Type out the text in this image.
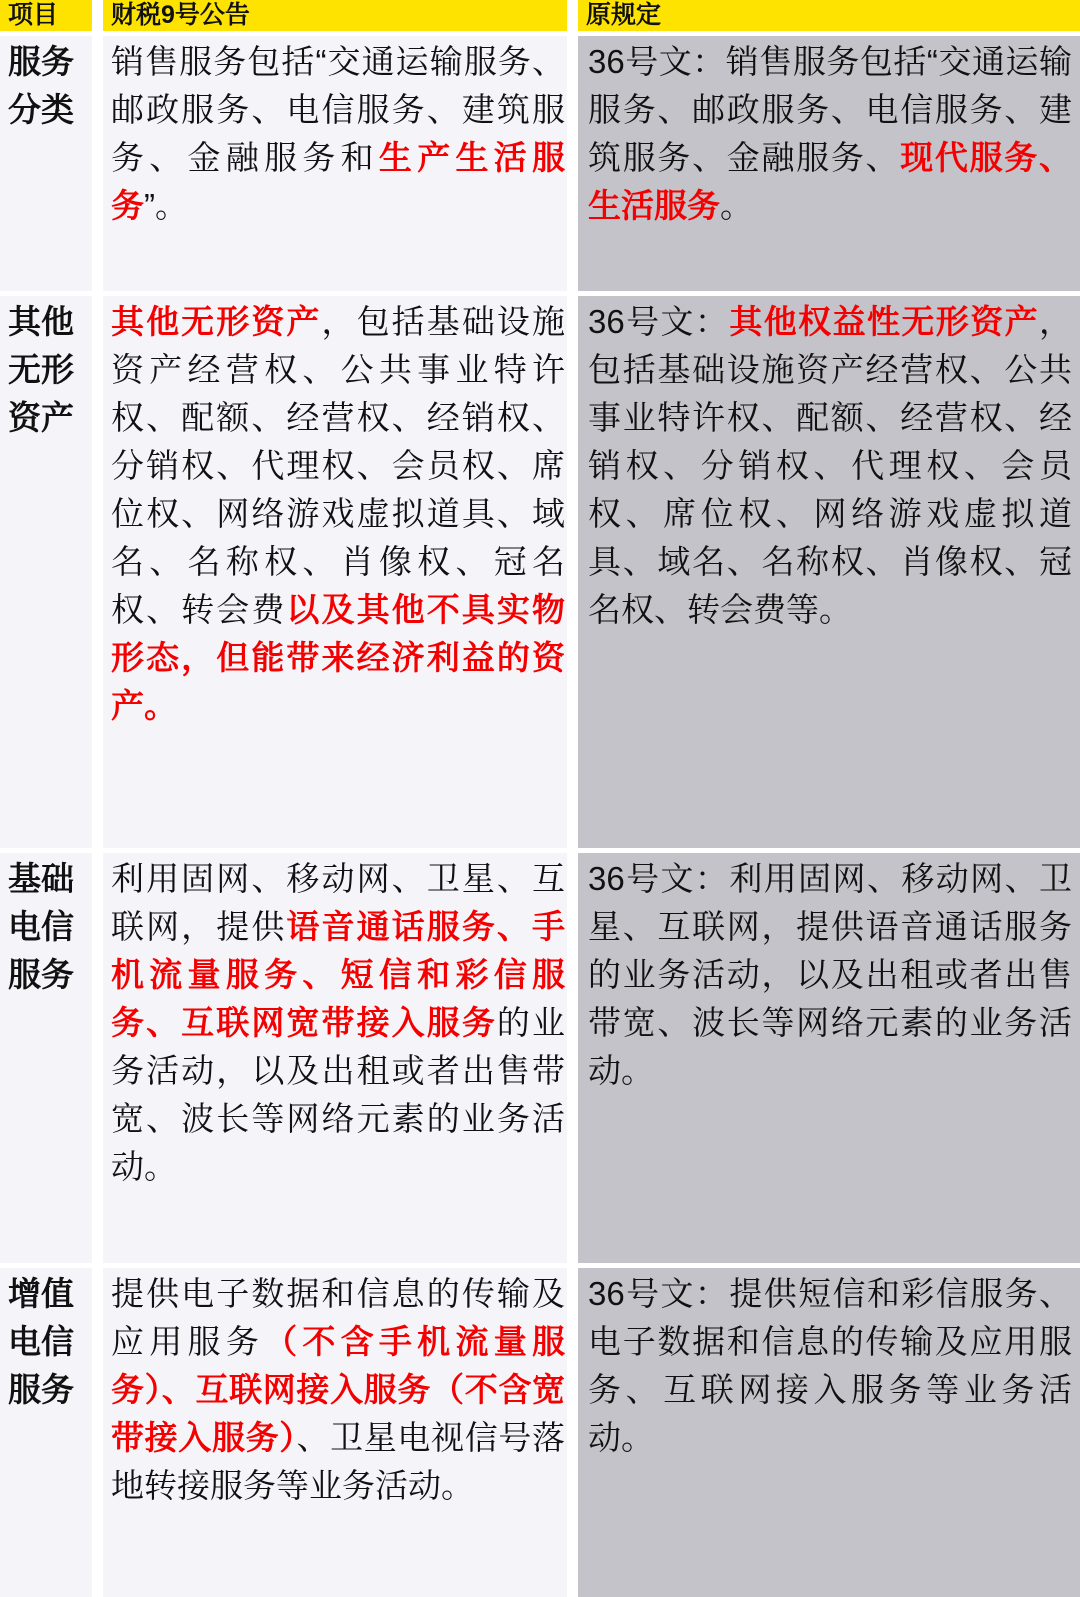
项目	财税9号公告	原规定
服务分类
销售服务包括“交通运输服务、邮政服务、电信服务、建筑服务、金融服务和生产生活服务”。
36号文：销售服务包括“交通运输服务、邮政服务、电信服务、建筑服务、金融服务、现代服务、生活服务。
其他无形资产
其他无形资产，包括基础设施资产经营权、公共事业特许权、配额、经营权、经销权、分销权、代理权、会员权、席位权、网络游戏虚拟道具、域名、名称权、肖像权、冠名权、转会费以及其他不具实物形态，但能带来经济利益的资产。
36号文：其他权益性无形资产，包括基础设施资产经营权、公共事业特许权、配额、经营权、经销权、分销权、代理权、会员权、席位权、网络游戏虚拟道具、域名、名称权、肖像权、冠名权、转会费等。
基础电信服务
利用固网、移动网、卫星、互联网，提供语音通话服务、手机流量服务、短信和彩信服务、互联网宽带接入服务的业务活动，以及出租或者出售带宽、波长等网络元素的业务活动。
36号文：利用固网、移动网、卫星、互联网，提供语音通话服务的业务活动，以及出租或者出售带宽、波长等网络元素的业务活动。
增值电信服务
提供电子数据和信息的传输及应用服务（不含手机流量服务）、互联网接入服务（不含宽带接入服务）、卫星电视信号落地转接服务等业务活动。
36号文：提供短信和彩信服务、电子数据和信息的传输及应用服务、互联网接入服务等业务活动。
